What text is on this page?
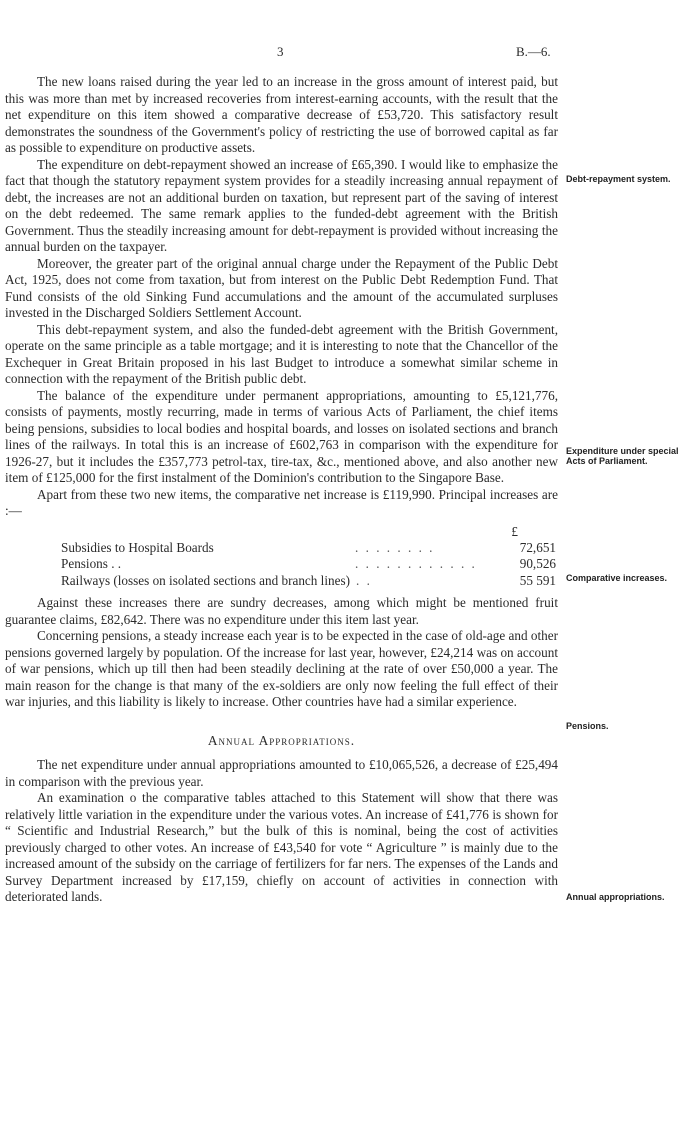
3	B.—6.

The new loans raised during the year led to an increase in the gross amount of interest paid, but this was more than met by increased recoveries from interest-earning accounts, with the result that the net expenditure on this item showed a comparative decrease of £53,720. This satisfactory result demonstrates the soundness of the Government's policy of restricting the use of borrowed capital as far as possible to expenditure on productive assets.

The expenditure on debt-repayment showed an increase of £65,390. I would like to emphasize the fact that though the statutory repayment system provides for a steadily increasing annual repayment of debt, the increases are not an additional burden on taxation, but represent part of the saving of interest on the debt redeemed. The same remark applies to the funded-debt agreement with the British Government. Thus the steadily increasing amount for debt-repayment is provided without increasing the annual burden on the taxpayer.

Moreover, the greater part of the original annual charge under the Repayment of the Public Debt Act, 1925, does not come from taxation, but from interest on the Public Debt Redemption Fund. That Fund consists of the old Sinking Fund accumulations and the amount of the accumulated surpluses invested in the Discharged Soldiers Settlement Account.

This debt-repayment system, and also the funded-debt agreement with the British Government, operate on the same principle as a table mortgage; and it is interesting to note that the Chancellor of the Exchequer in Great Britain proposed in his last Budget to introduce a somewhat similar scheme in connection with the repayment of the British public debt.

The balance of the expenditure under permanent appropriations, amounting to £5,121,776, consists of payments, mostly recurring, made in terms of various Acts of Parliament, the chief items being pensions, subsidies to local bodies and hospital boards, and losses on isolated sections and branch lines of the railways. In total this is an increase of £602,763 in comparison with the expenditure for 1926-27, but it includes the £357,773 petrol-tax, tire-tax, &c., mentioned above, and also another new item of £125,000 for the first instalment of the Dominion's contribution to the Singapore Base.

Apart from these two new items, the comparative net increase is £119,990. Principal increases are :—

£
Subsidies to Hospital Boards	. . . . . . . .	72,651
Pensions . .	. . . . . . . . . . . .	90,526
Railways (losses on isolated sections and branch lines) . .	55 591

Against these increases there are sundry decreases, among which might be mentioned fruit guarantee claims, £82,642. There was no expenditure under this item last year.

Concerning pensions, a steady increase each year is to be expected in the case of old-age and other pensions governed largely by population. Of the increase for last year, however, £24,214 was on account of war pensions, which up till then had been steadily declining at the rate of over £50,000 a year. The main reason for the change is that many of the ex-soldiers are only now feeling the full effect of their war injuries, and this liability is likely to increase. Other countries have had a similar experience.

Annual Appropriations.

The net expenditure under annual appropriations amounted to £10,065,526, a decrease of £25,494 in comparison with the previous year.

An examination o the comparative tables attached to this Statement will show that there was relatively little variation in the expenditure under the various votes. An increase of £41,776 is shown for “ Scientific and Industrial Research,” but the bulk of this is nominal, being the cost of activities previously charged to other votes. An increase of £43,540 for vote “ Agriculture ” is mainly due to the increased amount of the subsidy on the carriage of fertilizers for far ners. The expenses of the Lands and Survey Department increased by £17,159, chiefly on account of activities in connection with deteriorated lands.

Debt-repayment system.
Expenditure under special Acts of Parliament.
Comparative increases.
Pensions.
Annual appropriations.
